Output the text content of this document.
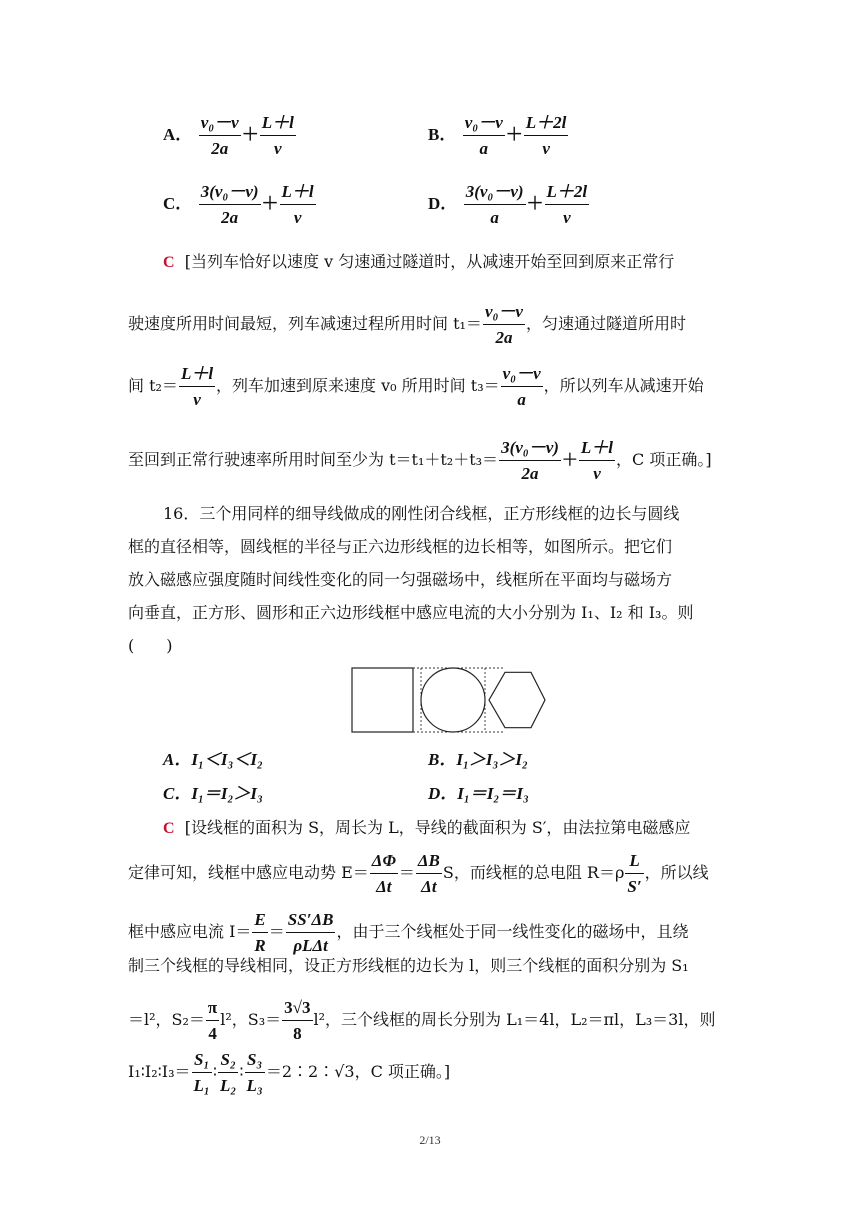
A． $\frac{\text{v₀－v}}{2a} + \frac{L+l}{v}$	B． $\frac{\text{v₀－v}}{a} + \frac{L+2l}{v}$
C． $\frac{\text{3(v₀－v)}}{2a} + \frac{L+l}{v}$	D． $\frac{\text{3(v₀－v)}}{a} + \frac{L+2l}{v}$
C [当列车恰好以速度 v 匀速通过隧道时，从减速开始至回到原来正常行
驶速度所用时间最短，列车减速过程所用时间 $t_1= \frac{\text{v₀－v}}{2a}$ ，匀速通过隧道所用时
间 $t_2= \frac{L+l}{v}$ ，列车加速到原来速度 v₀ 所用时间 $t_3= \frac{\text{v₀－v}}{a}$ ，所以列车从减速开始
至回到正常行驶速率所用时间至少为 $t=t_1+t_2+t_3= \frac{\text{3(v₀－v)}}{2a} + \frac{L+l}{v}$ ，C 项正确。]
16．三个用同样的细导线做成的刚性闭合线框，正方形线框的边长与圆线
框的直径相等，圆线框的半径与正六边形线框的边长相等，如图所示。把它们
放入磁感应强度随时间线性变化的同一匀强磁场中，线框所在平面均与磁场方
向垂直，正方形、圆形和正六边形线框中感应电流的大小分别为 I₁、I₂ 和 I₃。则
(　　)
A．I₁＜I₃＜I₂	B．I₁＞I₃＞I₂
C．I₁＝I₂＞I₃	D．I₁＝I₂＝I₃
C [设线框的面积为 S，周长为 L，导线的截面积为 S′，由法拉第电磁感应
定律可知，线框中感应电动势 $E= \frac{\Delta\Phi}{\Delta t} = \frac{\Delta B}{\Delta t}$ S，而线框的总电阻 $R=\rho \frac{L}{S'}$ ，所以线
框中感应电流 $I= \frac{E}{R} = \frac{SS'\Delta B}{\text{ρLΔt}}$ ，由于三个线框处于同一线性变化的磁场中，且绕
制三个线框的导线相同，设正方形线框的边长为 l，则三个线框的面积分别为 S₁
＝l²，$S_2= \frac{\pi}{4} l^2$，$S_3= \frac{3√3}{8} l^2$，三个线框的周长分别为 L₁＝4l，L₂＝πl，L₃＝3l，则
I₁∶I₂∶I₃＝ $\frac{\text{S₁}}{\text{L₁}}$ ∶ $\frac{\text{S₂}}{\text{L₂}}$ ∶ $\frac{\text{S₃}}{\text{L₃}}$ ＝2∶2∶√3，C 项正确。]
2/13
